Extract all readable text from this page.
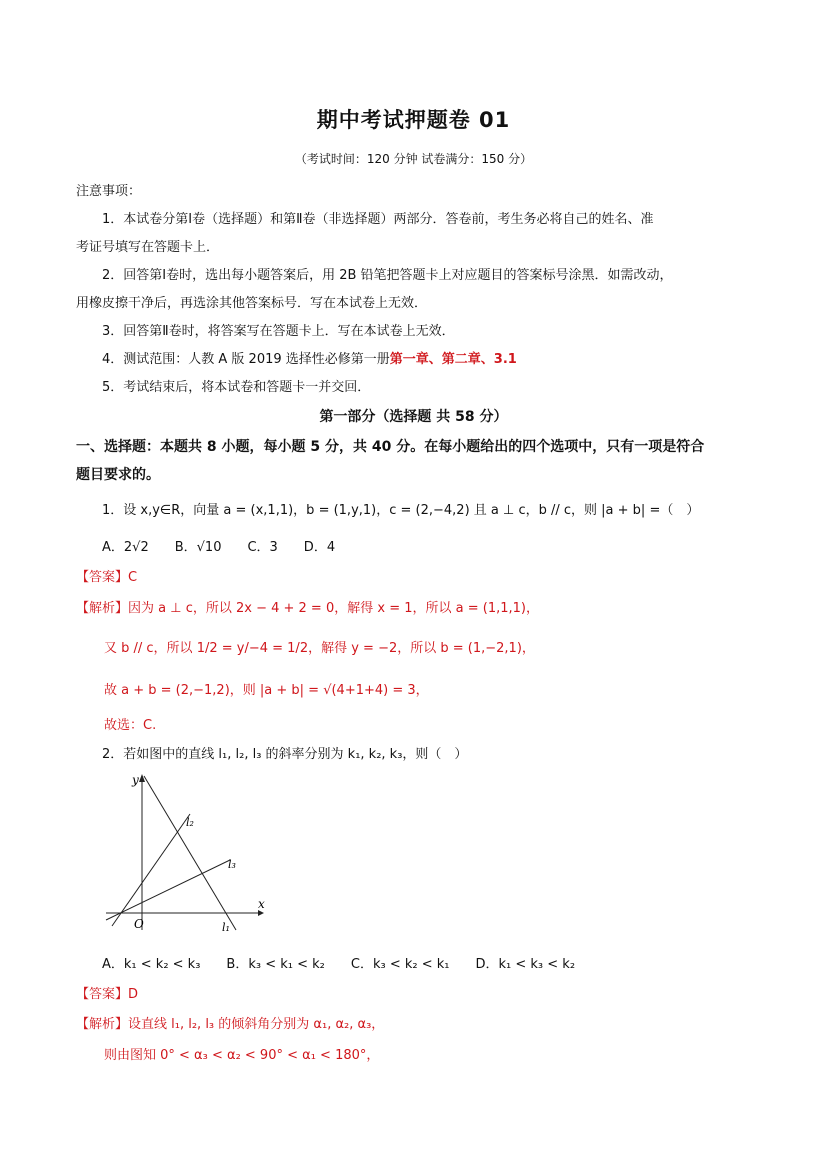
期中考试押题卷 01
（考试时间：120 分钟 试卷满分：150 分）
注意事项：
1．本试卷分第Ⅰ卷（选择题）和第Ⅱ卷（非选择题）两部分．答卷前，考生务必将自己的姓名、准
考证号填写在答题卡上．
2．回答第Ⅰ卷时，选出每小题答案后，用 2B 铅笔把答题卡上对应题目的答案标号涂黑．如需改动，
用橡皮擦干净后，再选涂其他答案标号．写在本试卷上无效．
3．回答第Ⅱ卷时，将答案写在答题卡上．写在本试卷上无效．
4．测试范围：人教 A 版 2019 选择性必修第一册第一章、第二章、3.1
5．考试结束后，将本试卷和答题卡一并交回．
第一部分（选择题 共 58 分）
一、选择题：本题共 8 小题，每小题 5 分，共 40 分。在每小题给出的四个选项中，只有一项是符合
题目要求的。
1．设 x,y∈R，向量 a = (x,1,1)，b = (1,y,1)，c = (2,−4,2) 且 a ⊥ c，b // c，则 |a + b| =（　）
A．2√2　　B．√10　　C．3　　D．4
【答案】C
【解析】因为 a ⊥ c，所以 2x − 4 + 2 = 0，解得 x = 1，所以 a = (1,1,1)，
又 b // c，所以 1/2 = y/−4 = 1/2，解得 y = −2，所以 b = (1,−2,1)，
故 a + b = (2,−1,2)，则 |a + b| = √(4+1+4) = 3，
故选：C.
2．若如图中的直线 l₁, l₂, l₃ 的斜率分别为 k₁, k₂, k₃，则（　）
y
x
O
l₂
l₃
l₁
A．k₁ < k₂ < k₃　　B．k₃ < k₁ < k₂　　C．k₃ < k₂ < k₁　　D．k₁ < k₃ < k₂
【答案】D
【解析】设直线 l₁, l₂, l₃ 的倾斜角分别为 α₁, α₂, α₃，
则由图知 0° < α₃ < α₂ < 90° < α₁ < 180°，
